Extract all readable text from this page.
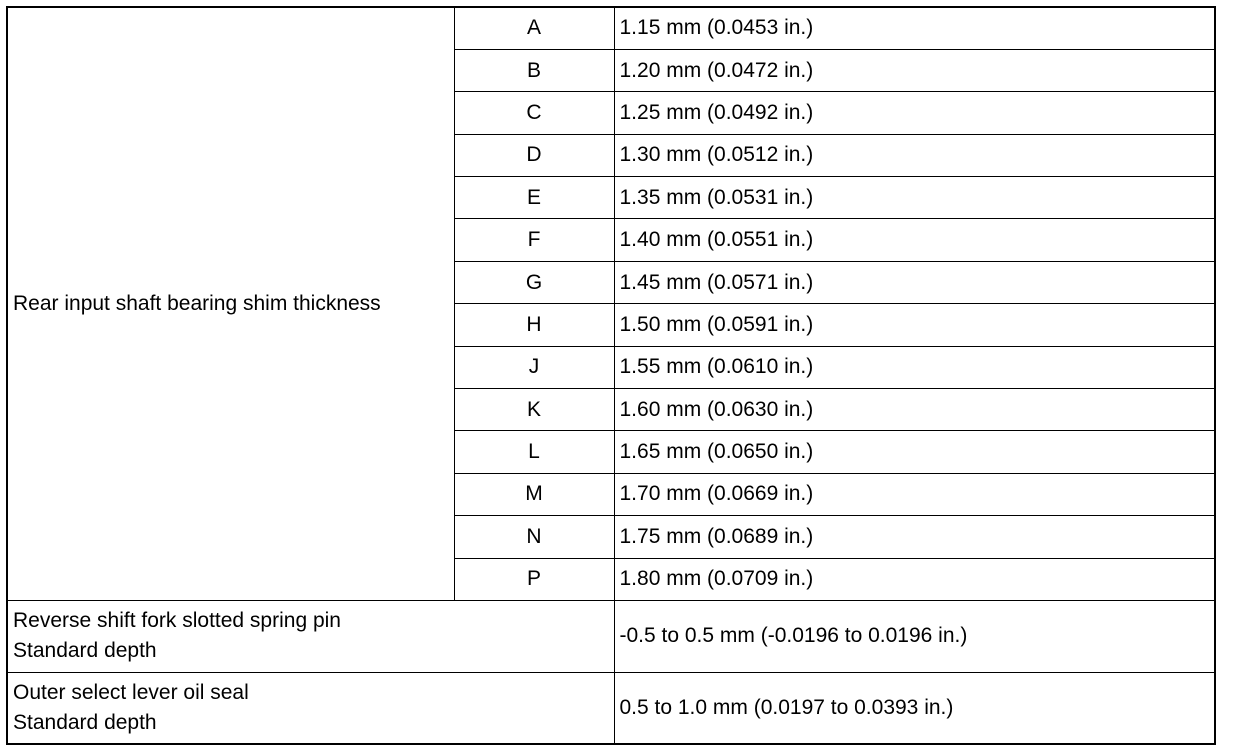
Rear input shaft bearing shim thickness	A	1.15 mm (0.0453 in.)
	B	1.20 mm (0.0472 in.)
	C	1.25 mm (0.0492 in.)
	D	1.30 mm (0.0512 in.)
	E	1.35 mm (0.0531 in.)
	F	1.40 mm (0.0551 in.)
	G	1.45 mm (0.0571 in.)
	H	1.50 mm (0.0591 in.)
	J	1.55 mm (0.0610 in.)
	K	1.60 mm (0.0630 in.)
	L	1.65 mm (0.0650 in.)
	M	1.70 mm (0.0669 in.)
	N	1.75 mm (0.0689 in.)
	P	1.80 mm (0.0709 in.)

Reverse shift fork slotted spring pin
Standard depth		-0.5 to 0.5 mm (-0.0196 to 0.0196 in.)

Outer select lever oil seal
Standard depth		0.5 to 1.0 mm (0.0197 to 0.0393 in.)
